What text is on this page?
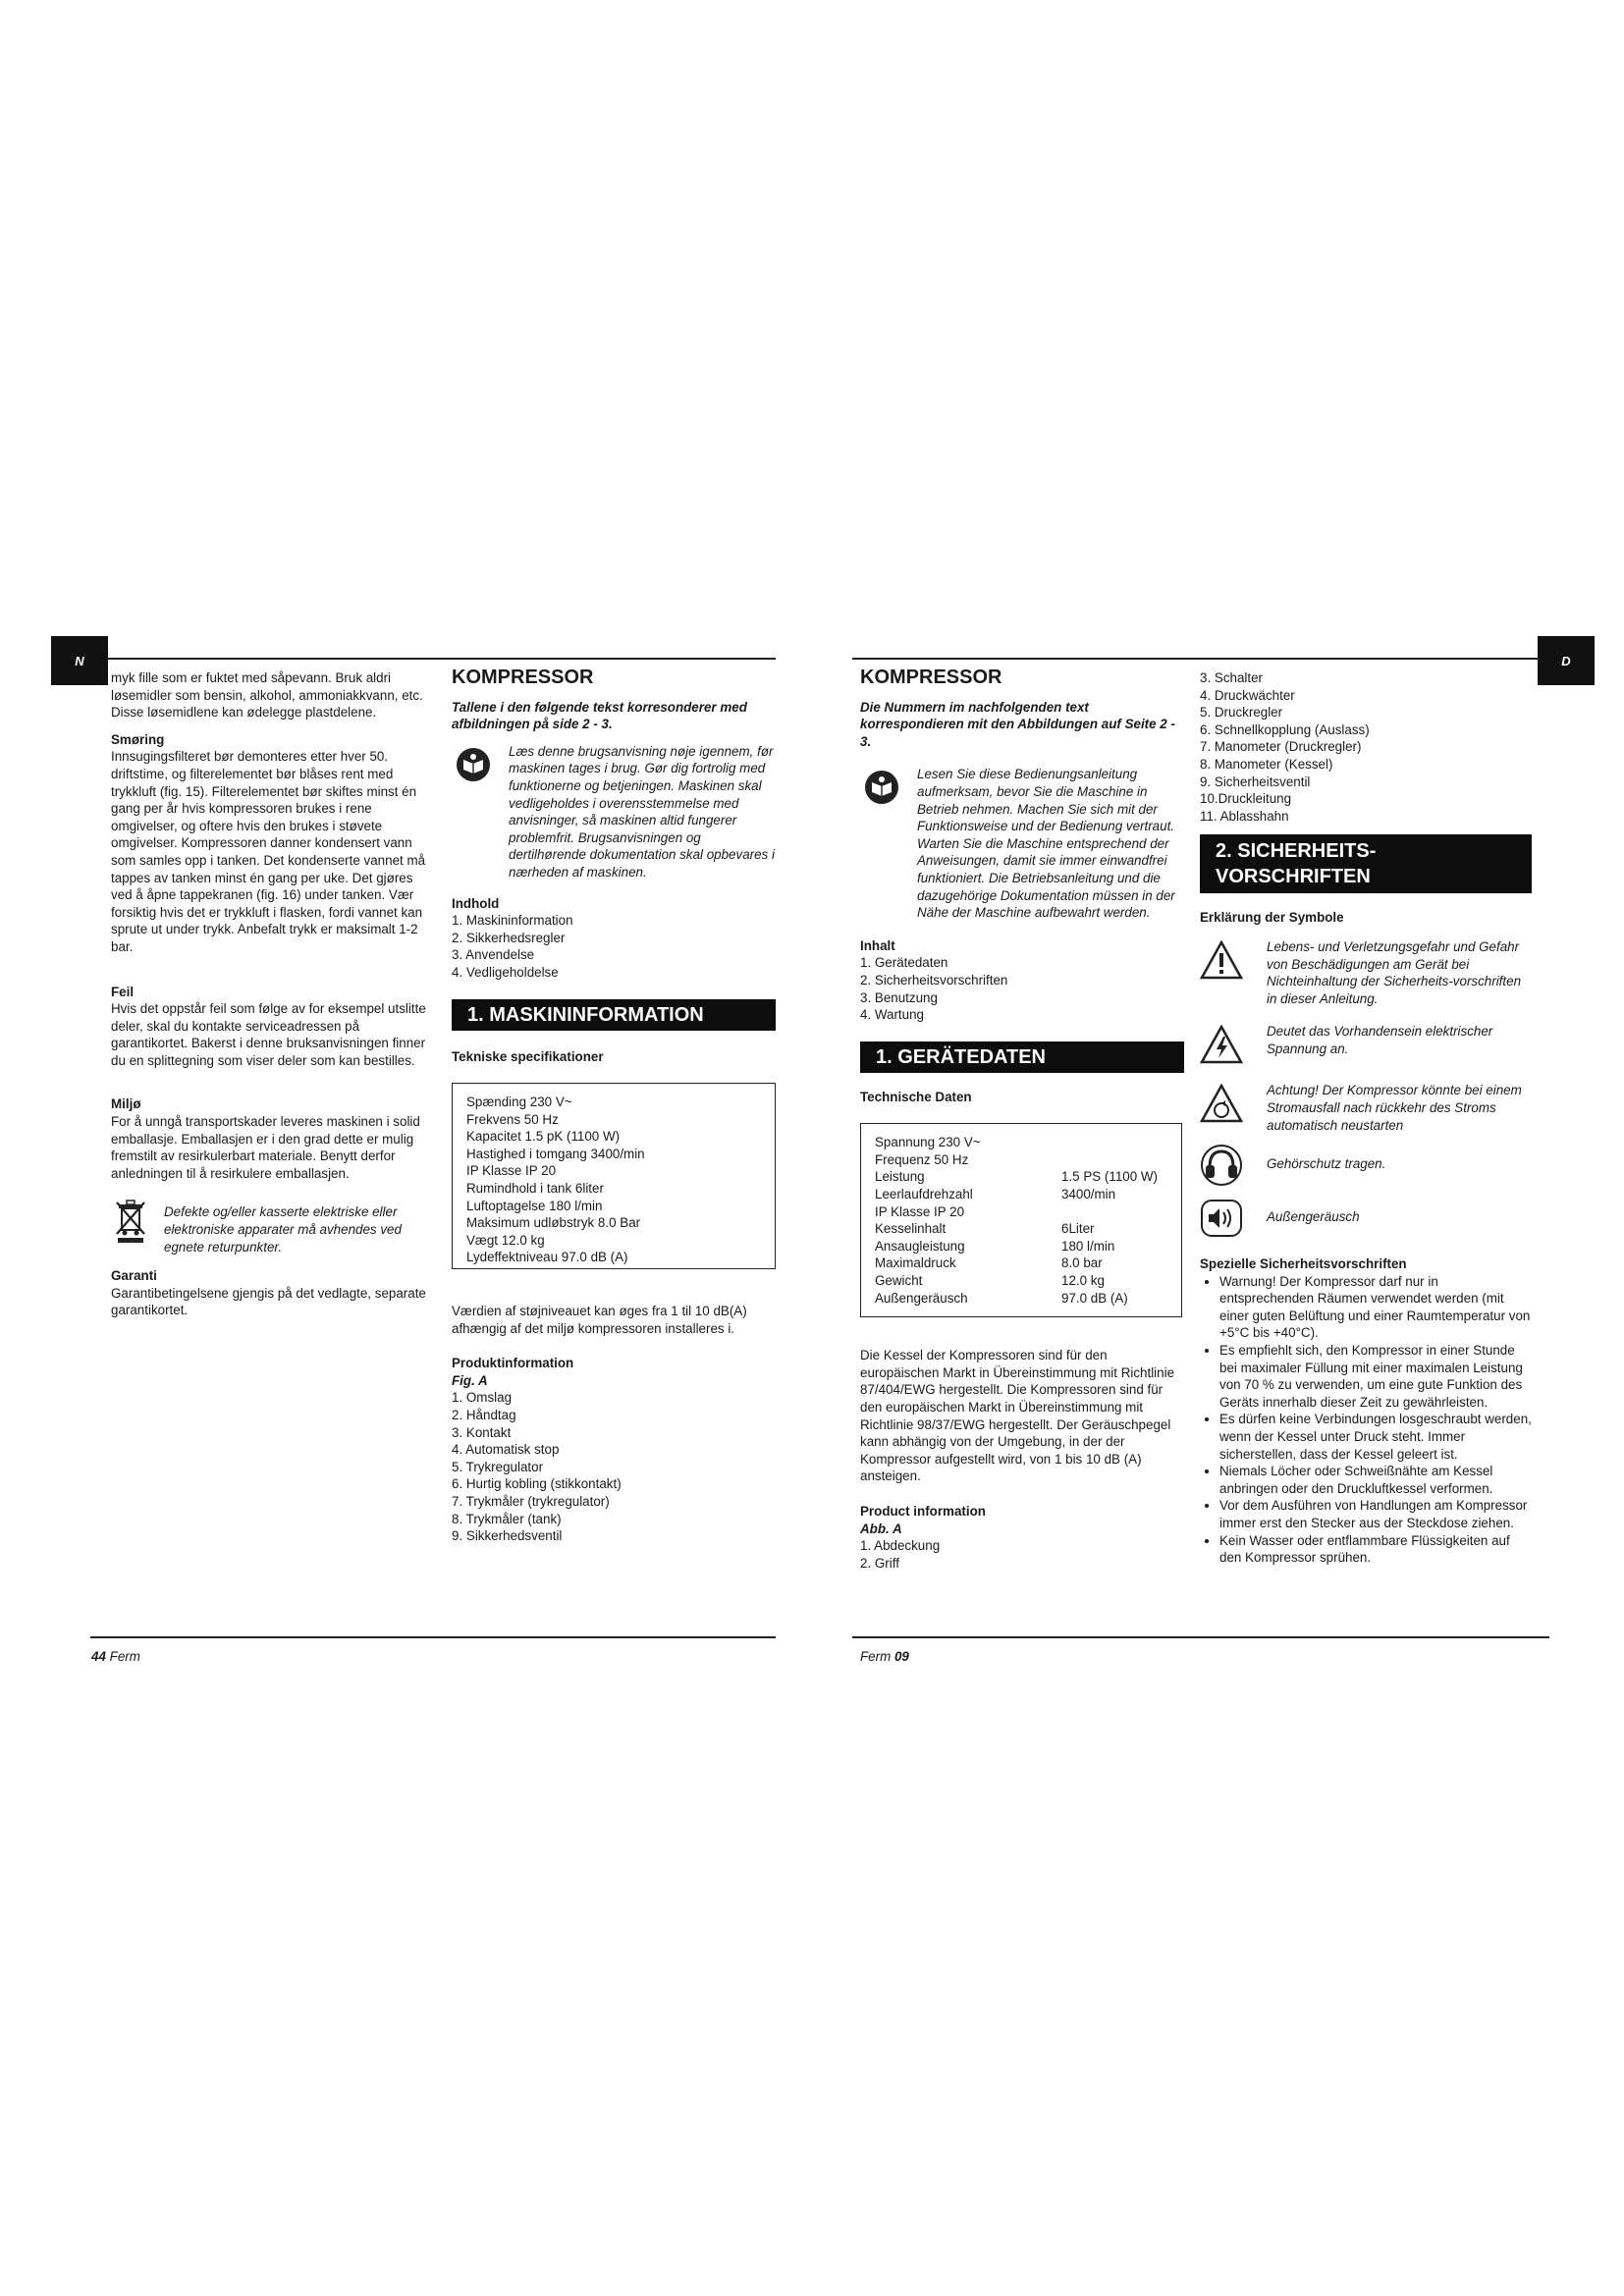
N

myk fille som er fuktet med såpevann. Bruk aldri løsemidler som bensin, alkohol, ammoniakkvann, etc. Disse løsemidlene kan ødelegge plastdelene.

Smøring

Innsugingsfilteret bør demonteres etter hver 50. driftstime, og filterelementet bør blåses rent med trykkluft (fig. 15). Filterelementet bør skiftes minst én gang per år hvis kompressoren brukes i rene omgivelser, og oftere hvis den brukes i støvete omgivelser. Kompressoren danner kondensert vann som samles opp i tanken. Det kondenserte vannet må tappes av tanken minst én gang per uke. Det gjøres ved å åpne tappekranen (fig. 16) under tanken. Vær forsiktig hvis det er trykkluft i flasken, fordi vannet kan sprute ut under trykk. Anbefalt trykk er maksimalt 1-2 bar.

Feil

Hvis det oppstår feil som følge av for eksempel utslitte deler, skal du kontakte serviceadressen på garantikortet. Bakerst i denne bruksanvisningen finner du en splittegning som viser deler som kan bestilles.

Miljø

For å unngå transportskader leveres maskinen i solid emballasje. Emballasjen er i den grad dette er mulig fremstilt av resirkulerbart materiale. Benytt derfor anledningen til å resirkulere emballasjen.

Defekte og/eller kasserte elektriske eller elektroniske apparater må avhendes ved egnete returpunkter.

Garanti

Garantibetingelsene gjengis på det vedlagte, separate garantikortet.

KOMPRESSOR

Tallene i den følgende tekst korresonderer med afbildningen på side 2 - 3.

Læs denne brugsanvisning nøje igennem, før maskinen tages i brug. Gør dig fortrolig med funktionerne og betjeningen. Maskinen skal vedligeholdes i overensstemmelse med anvisninger, så maskinen altid fungerer problemfrit. Brugsanvisningen og dertilhørende dokumentation skal opbevares i nærheden af maskinen.

Indhold

1. Maskininformation
2. Sikkerhedsregler
3. Anvendelse
4. Vedligeholdelse
1. MASKININFORMATION

Tekniske specifikationer

Spænding 230 V~
Frekvens 50 Hz
Kapacitet 1.5 pK (1100 W)
Hastighed i tomgang 3400/min
IP Klasse IP 20
Rumindhold i tank 6liter
Luftoptagelse 180 l/min
Maksimum udløbstryk 8.0 Bar
Vægt 12.0 kg
Lydeffektniveau 97.0 dB (A)

Værdien af støjniveauet kan øges fra 1 til 10 dB(A) afhængig af det miljø kompressoren installeres i.

Produktinformation

Fig. A

1. Omslag
2. Håndtag
3. Kontakt
4. Automatisk stop
5. Trykregulator
6. Hurtig kobling (stikkontakt)
7. Trykmåler (trykregulator)
8. Trykmåler (tank)
9. Sikkerhedsventil
44 Ferm
D

KOMPRESSOR

Die Nummern im nachfolgenden text korrespondieren mit den Abbildungen auf Seite 2 - 3.

Lesen Sie diese Bedienungsanleitung aufmerksam, bevor Sie die Maschine in Betrieb nehmen. Machen Sie sich mit der Funktionsweise und der Bedienung vertraut. Warten Sie die Maschine entsprechend der Anweisungen, damit sie immer einwandfrei funktioniert. Die Betriebsanleitung und die dazugehörige Dokumentation müssen in der Nähe der Maschine aufbewahrt werden.

Inhalt

1. Gerätedaten
2. Sicherheitsvorschriften
3. Benutzung
4. Wartung
1. GERÄTEDATEN

Technische Daten

Spannung 230 V~	
Frequenz 50 Hz	
Leistung	1.5 PS (1100 W)
Leerlaufdrehzahl	3400/min
IP Klasse IP 20	
Kesselinhalt	6Liter
Ansaugleistung	180 l/min
Maximaldruck	8.0 bar
Gewicht	12.0 kg
Außengeräusch	97.0 dB (A)

Die Kessel der Kompressoren sind für den europäischen Markt in Übereinstimmung mit Richtlinie 87/404/EWG hergestellt. Die Kompressoren sind für den europäischen Markt in Übereinstimmung mit Richtlinie 98/37/EWG hergestellt. Der Geräuschpegel kann abhängig von der Umgebung, in der der Kompressor aufgestellt wird, von 1 bis 10 dB (A) ansteigen.

Product information

Abb. A

1. Abdeckung
2. Griff
3. Schalter
4. Druckwächter
5. Druckregler
6. Schnellkopplung (Auslass)
7. Manometer (Druckregler)
8. Manometer (Kessel)
9. Sicherheitsventil
10.Druckleitung
11. Ablasshahn
2. SICHERHEITS-
VORSCHRIFTEN

Erklärung der Symbole

Lebens- und Verletzungsgefahr und Gefahr von Beschädigungen am Gerät bei Nichteinhaltung der Sicherheits-vorschriften in dieser Anleitung.

Deutet das Vorhandensein elektrischer Spannung an.

Achtung! Der Kompressor könnte bei einem Stromausfall nach rückkehr des Stroms automatisch neustarten

Gehörschutz tragen.

Außengeräusch

Spezielle Sicherheitsvorschriften

• Warnung! Der Kompressor darf nur in entsprechenden Räumen verwendet werden (mit einer guten Belüftung und einer Raumtemperatur von +5°C bis +40°C).
• Es empfiehlt sich, den Kompressor in einer Stunde bei maximaler Füllung mit einer maximalen Leistung von 70 % zu verwenden, um eine gute Funktion des Geräts innerhalb dieser Zeit zu gewährleisten.
• Es dürfen keine Verbindungen losgeschraubt werden, wenn der Kessel unter Druck steht. Immer sicherstellen, dass der Kessel geleert ist.
• Niemals Löcher oder Schweißnähte am Kessel anbringen oder den Druckluftkessel verformen.
• Vor dem Ausführen von Handlungen am Kompressor immer erst den Stecker aus der Steckdose ziehen.
• Kein Wasser oder entflammbare Flüssigkeiten auf den Kompressor sprühen.
Ferm 09
